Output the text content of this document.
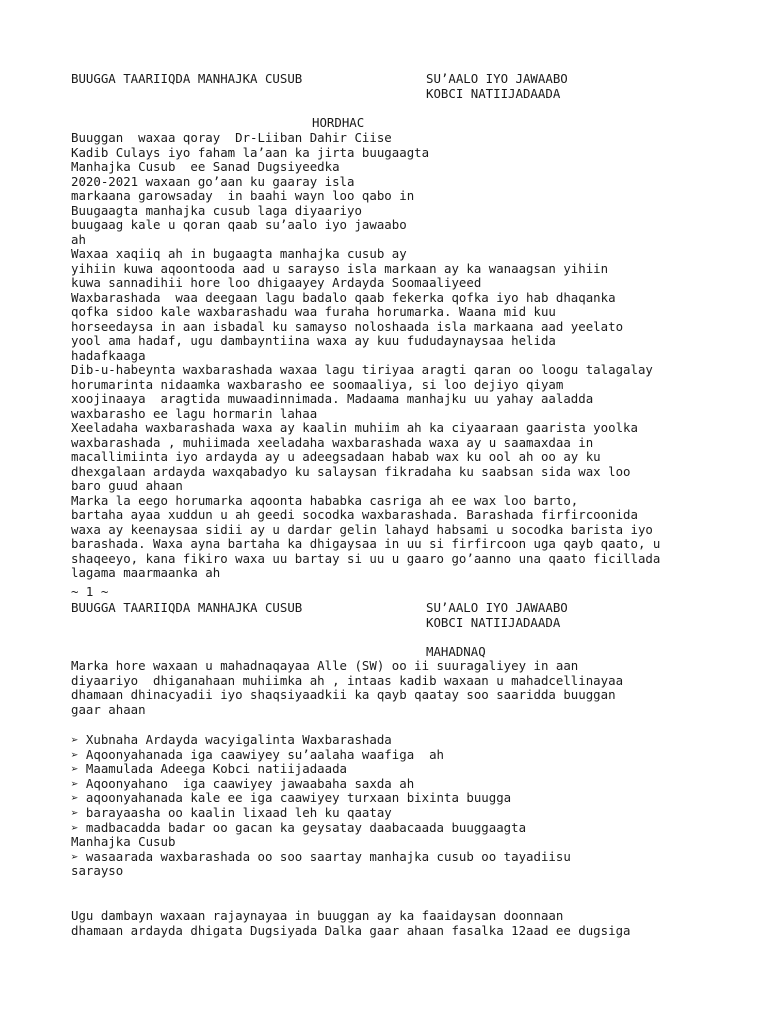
BUUGGA TAARIIQDA MANHAJKA CUSUB	SU’AALO IYO JAWAABO
KOBCI NATIIJADAADA
HORDHAC
Buuggan  waxaa qoray  Dr-Liiban Dahir Ciise
Kadib Culays iyo faham la’aan ka jirta buugaagta
Manhajka Cusub  ee Sanad Dugsiyeedka
2020-2021 waxaan go’aan ku gaaray isla
markaana garowsaday  in baahi wayn loo qabo in
Buugaagta manhajka cusub laga diyaariyo
buugaag kale u qoran qaab su’aalo iyo jawaabo
ah
Waxaa xaqiiq ah in bugaagta manhajka cusub ay
yihiin kuwa aqoontooda aad u sarayso isla markaan ay ka wanaagsan yihiin
kuwa sannadihii hore loo dhigaayey Ardayda Soomaaliyeed
Waxbarashada  waa deegaan lagu badalo qaab fekerka qofka iyo hab dhaqanka
qofka sidoo kale waxbarashadu waa furaha horumarka. Waana mid kuu
horseedaysa in aan isbadal ku samayso noloshaada isla markaana aad yeelato
yool ama hadaf, ugu dambayntiina waxa ay kuu fududaynaysaa helida
hadafkaaga
Dib-u-habeynta waxbarashada waxaa lagu tiriyaa aragti qaran oo loogu talagalay
horumarinta nidaamka waxbarasho ee soomaaliya, si loo dejiyo qiyam
xoojinaaya  aragtida muwaadinnimada. Madaama manhajku uu yahay aaladda
waxbarasho ee lagu hormarin lahaa
Xeeladaha waxbarashada waxa ay kaalin muhiim ah ka ciyaaraan gaarista yoolka
waxbarashada , muhiimada xeeladaha waxbarashada waxa ay u saamaxdaa in
macallimiinta iyo ardayda ay u adeegsadaan habab wax ku ool ah oo ay ku
dhexgalaan ardayda waxqabadyo ku salaysan fikradaha ku saabsan sida wax loo
baro guud ahaan
Marka la eego horumarka aqoonta hababka casriga ah ee wax loo barto,
bartaha ayaa xuddun u ah geedi socodka waxbarashada. Barashada firfircoonida
waxa ay keenaysaa sidii ay u dardar gelin lahayd habsami u socodka barista iyo
barashada. Waxa ayna bartaha ka dhigaysaa in uu si firfircoon uga qayb qaato, u
shaqeeyo, kana fikiro waxa uu bartay si uu u gaaro go’aanno una qaato ficillada
lagama maarmaanka ah
~ 1 ~
BUUGGA TAARIIQDA MANHAJKA CUSUB	SU’AALO IYO JAWAABO
KOBCI NATIIJADAADA
MAHADNAQ
Marka hore waxaan u mahadnaqayaa Alle (SW) oo ii suuragaliyey in aan
diyaariyo  dhiganahaan muhiimka ah , intaas kadib waxaan u mahadcellinayaa
dhamaan dhinacyadii iyo shaqsiyaadkii ka qayb qaatay soo saaridda buuggan
gaar ahaan
➢ Xubnaha Ardayda wacyigalinta Waxbarashada
➢ Aqoonyahanada iga caawiyey su’aalaha waafiga  ah
➢ Maamulada Adeega Kobci natiijadaada
➢ Aqoonyahano  iga caawiyey jawaabaha saxda ah
➢ aqoonyahanada kale ee iga caawiyey turxaan bixinta buugga
➢ barayaasha oo kaalin lixaad leh ku qaatay
➢ madbacadda badar oo gacan ka geysatay daabacaada buuggaagta
Manhajka Cusub
➢ wasaarada waxbarashada oo soo saartay manhajka cusub oo tayadiisu
sarayso
Ugu dambayn waxaan rajaynayaa in buuggan ay ka faaidaysan doonnaan
dhamaan ardayda dhigata Dugsiyada Dalka gaar ahaan fasalka 12aad ee dugsiga
